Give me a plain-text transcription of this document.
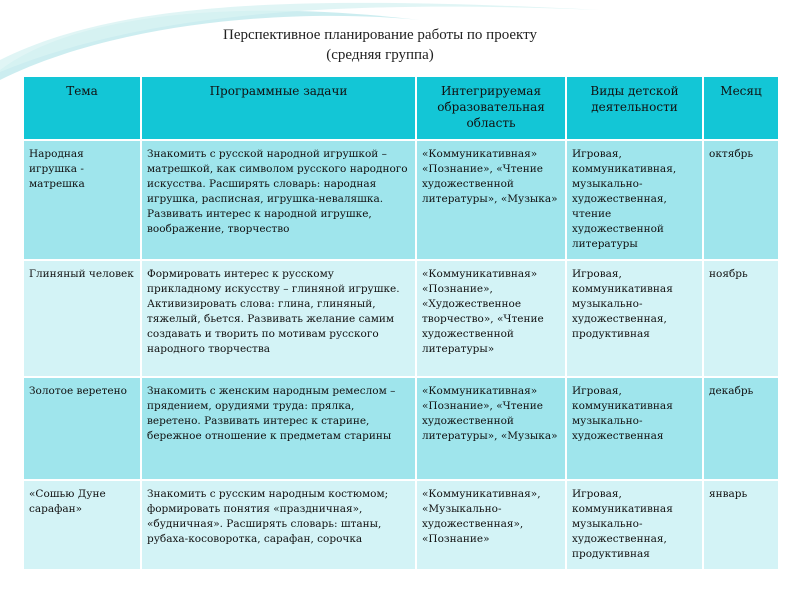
Перспективное планирование работы по проекту
(средняя группа)
Тема	Программные задачи	Интегрируемая образовательная область	Виды детской деятельности	Месяц
Народная игрушка - матрешка	Знакомить с русской народной игрушкой – матрешкой, как символом русского народного искусства. Расширять словарь: народная игрушка, расписная, игрушка-неваляшка. Развивать интерес к народной игрушке, воображение, творчество	«Коммуникативная» «Познание», «Чтение художественной литературы», «Музыка»	Игровая, коммуникативная, музыкально-художественная, чтение художественной литературы	октябрь
Глиняный человек	Формировать интерес к русскому прикладному искусству – глиняной игрушке. Активизировать слова: глина, глиняный, тяжелый, бьется. Развивать желание самим создавать и творить по мотивам русского народного творчества	«Коммуникативная» «Познание», «Художественное творчество», «Чтение художественной литературы»	Игровая, коммуникативная музыкально-художественная, продуктивная	ноябрь
Золотое веретено	Знакомить с женским народным ремеслом – прядением, орудиями труда: прялка, веретено. Развивать интерес к старине, бережное отношение к предметам старины	«Коммуникативная» «Познание», «Чтение художественной литературы», «Музыка»	Игровая, коммуникативная музыкально-художественная	декабрь
«Сошью Дуне сарафан»	Знакомить с русским народным костюмом; формировать понятия «праздничная», «будничная». Расширять словарь: штаны, рубаха-косоворотка, сарафан, сорочка	«Коммуникативная», «Музыкально-художественная», «Познание»	Игровая, коммуникативная музыкально-художественная, продуктивная	январь
